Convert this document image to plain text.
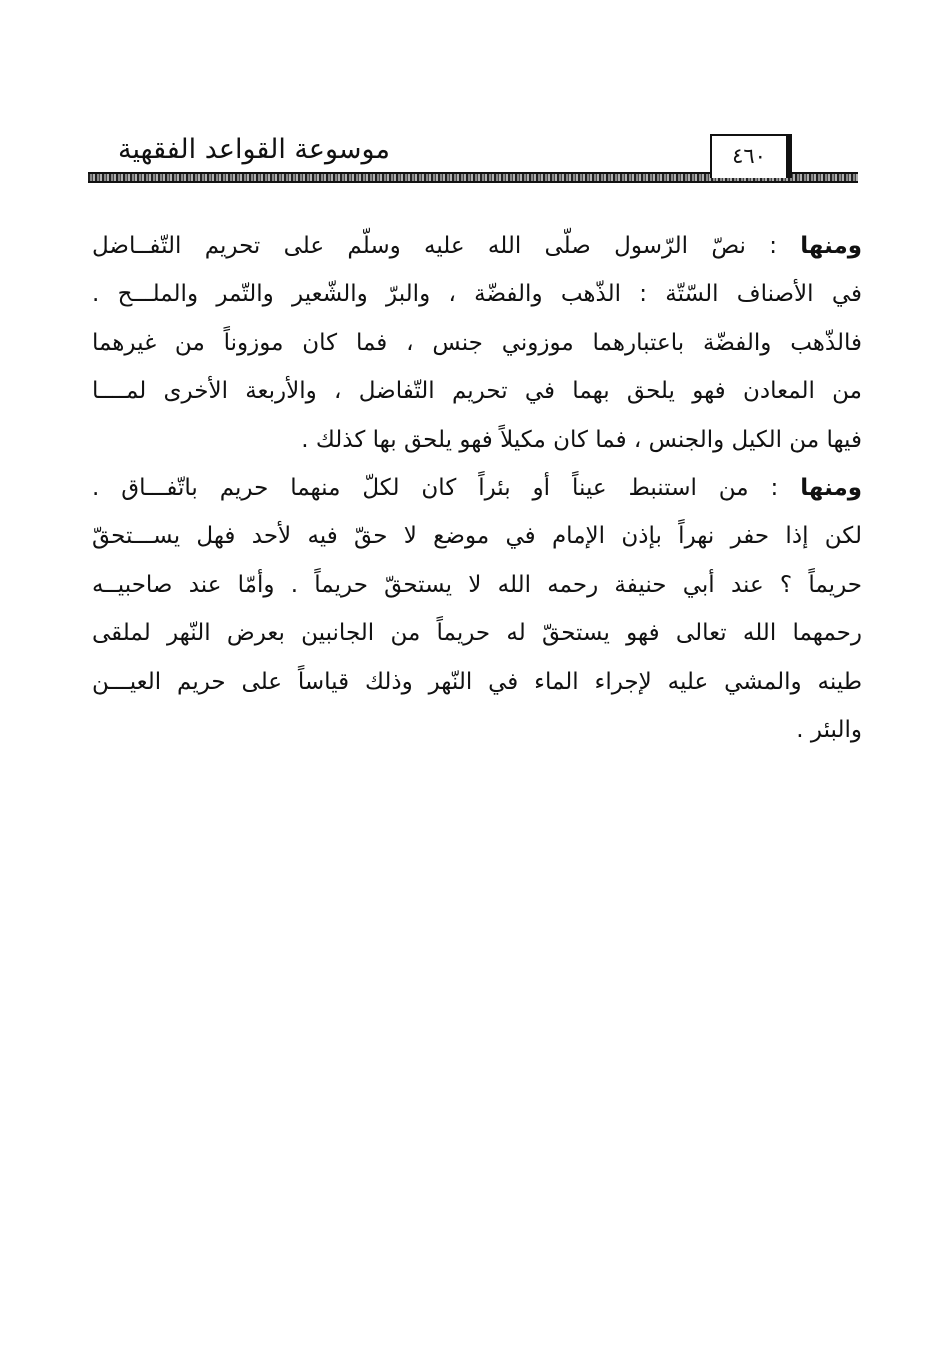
موسوعة القواعد الفقهية	٤٦٠
ومنها : نصّ الرّسول صلّى الله عليه وسلّم على تحريم التّفــاضل
في الأصناف السّتّة : الذّهب والفضّة ، والبرّ والشّعير والتّمر والملـــح .
فالذّهب والفضّة باعتبارهما موزوني جنس ، فما كان موزوناً من غيرهما
من المعادن فهو يلحق بهما في تحريم التّفاضل ، والأربعة الأخرى لمــــا
فيها من الكيل والجنس ، فما كان مكيلاً فهو يلحق بها كذلك .
ومنها : من استنبط عيناً أو بئراً كان لكلّ منهما حريم باتّفـــاق .
لكن إذا حفر نهراً بإذن الإمام في موضع لا حقّ فيه لأحد فهل يســـتحقّ
حريماً ؟ عند أبي حنيفة رحمه الله لا يستحقّ حريماً . وأمّا عند صاحبيــه
رحمهما الله تعالى فهو يستحقّ له حريماً من الجانبين بعرض النّهر لملقى
طينه والمشي عليه لإجراء الماء في النّهر وذلك قياساً على حريم العيـــن
والبئر .
